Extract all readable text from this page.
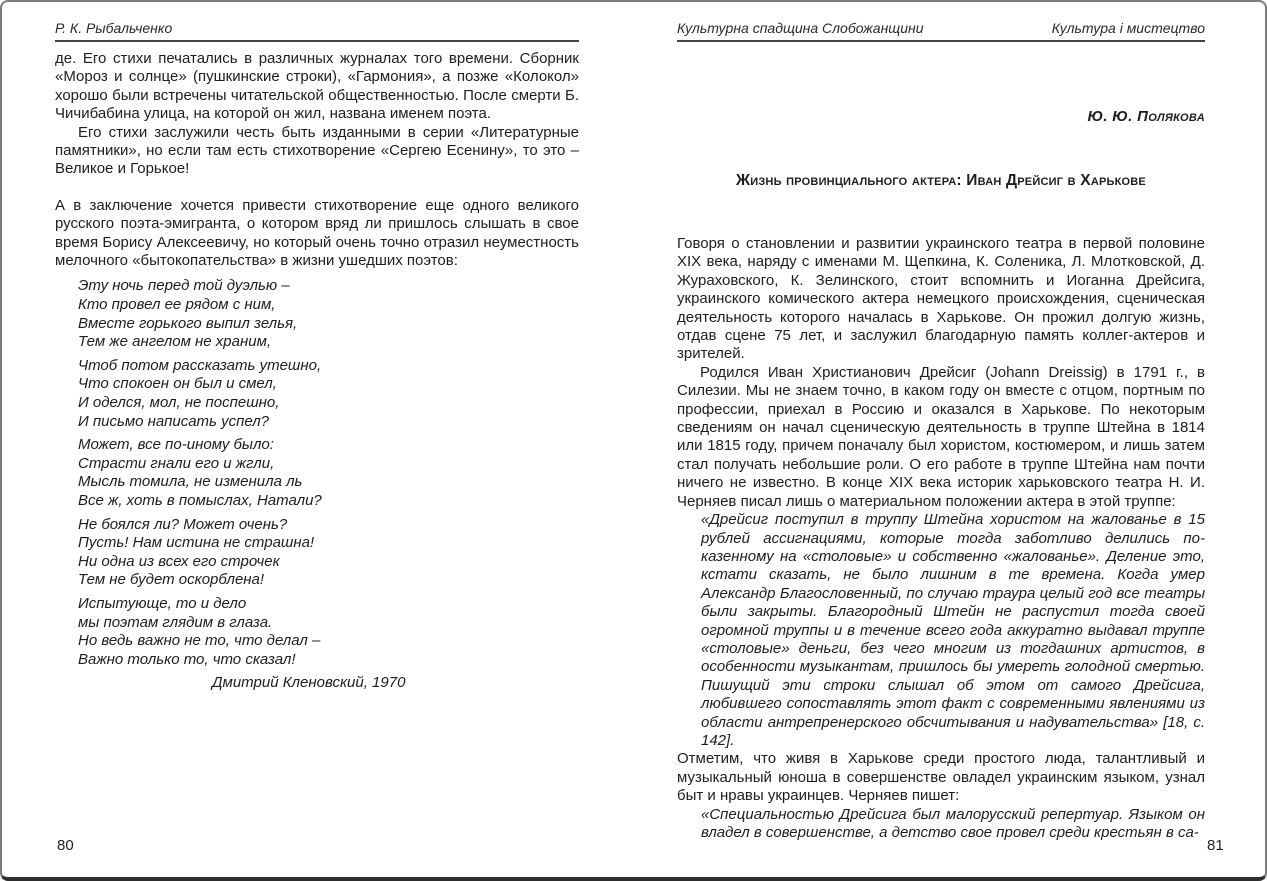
Р. К. Рыбальченко

де. Его стихи печатались в различных журналах того времени. Сборник «Мороз и солнце» (пушкинские строки), «Гармония», а позже «Колокол» хорошо были встречены читательской общественностью. После смерти Б. Чичибабина улица, на которой он жил, названа именем поэта.

Его стихи заслужили честь быть изданными в серии «Литературные памятники», но если там есть стихотворение «Сергею Есенину», то это – Великое и Горькое!

А в заключение хочется привести стихотворение еще одного великого русского поэта-эмигранта, о котором вряд ли пришлось слышать в свое время Борису Алексеевичу, но который очень точно отразил неуместность мелочного «бытокопательства» в жизни ушедших поэтов:

Эту ночь перед той дуэлью –
Кто провел ее рядом с ним,
Вместе горького выпил зелья,
Тем же ангелом не храним,
Чтоб потом рассказать утешно,
Что спокоен он был и смел,
И оделся, мол, не поспешно,
И письмо написать успел?
Может, все по-иному было:
Страсти гнали его и жгли,
Мысль томила, не изменила ль
Все ж, хоть в помыслах, Натали?
Не боялся ли? Может очень?
Пусть! Нам истина не страшна!
Ни одна из всех его строчек
Тем не будет оскорблена!
Испытующе, то и дело
мы поэтам глядим в глаза.
Но ведь важно не то, что делал –
Важно только то, что сказал!
Дмитрий Кленовский, 1970
Культурна спадщина Слобожанщини	Культура і мистецтво
Ю. Ю. Полякова
Жизнь провинциального актера: Иван Дрейсиг в Харькове

Говоря о становлении и развитии украинского театра в первой половине XIX века, наряду с именами М. Щепкина, К. Соленика, Л. Млотковской, Д. Жураховского, К. Зелинского, стоит вспомнить и Иоганна Дрейсига, украинского комического актера немецкого происхождения, сценическая деятельность которого началась в Харькове. Он прожил долгую жизнь, отдав сцене 75 лет, и заслужил благодарную память коллег-актеров и зрителей.

Родился Иван Христианович Дрейсиг (Johann Dreissig) в 1791 г., в Силезии. Мы не знаем точно, в каком году он вместе с отцом, портным по профессии, приехал в Россию и оказался в Харькове. По некоторым сведениям он начал сценическую деятельность в труппе Штейна в 1814 или 1815 году, причем поначалу был хористом, костюмером, и лишь затем стал получать небольшие роли. О его работе в труппе Штейна нам почти ничего не известно. В конце XIX века историк харьковского театра Н. И. Черняев писал лишь о материальном положении актера в этой труппе:

«Дрейсиг поступил в труппу Штейна хористом на жалованье в 15 рублей ассигнациями, которые тогда заботливо делились по-казенному на «столовые» и собственно «жалованье». Деление это, кстати сказать, не было лишним в те времена. Когда умер Александр Благословенный, по случаю траура целый год все театры были закрыты. Благородный Штейн не распустил тогда своей огромной труппы и в течение всего года аккуратно выдавал труппе «столовые» деньги, без чего многим из тогдашних артистов, в особенности музыкантам, пришлось бы умереть голодной смертью. Пишущий эти строки слышал об этом от самого Дрейсига, любившего сопоставлять этот факт с современными явлениями из области антрепренерского обсчитывания и надувательства» [18, с. 142].

Отметим, что живя в Харькове среди простого люда, талантливый и музыкальный юноша в совершенстве овладел украинским языком, узнал быт и нравы украинцев. Черняев пишет:

«Специальностью Дрейсига был малорусский репертуар. Языком он владел в совершенстве, а детство свое провел среди крестьян в са-

80	81
